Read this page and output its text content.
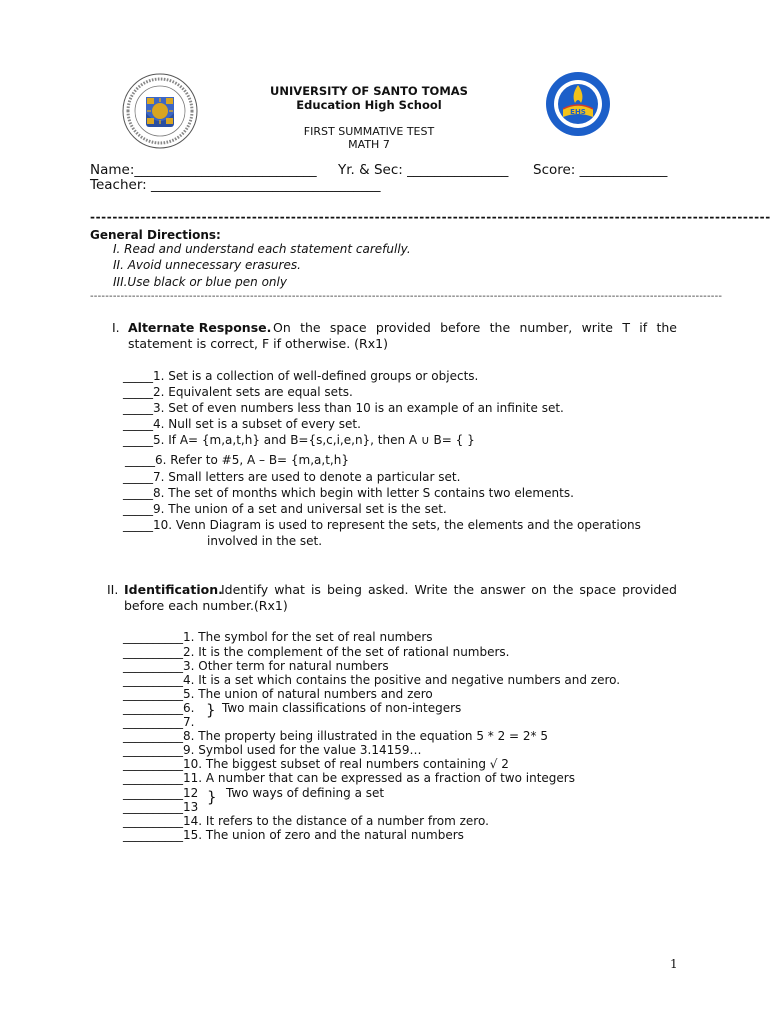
EHS
UNIVERSITY OF SANTO TOMAS
Education High School
FIRST SUMMATIVE TEST
MATH 7
Name:___________________________ Yr. & Sec: _______________ Score: _____________
Teacher: __________________________________
--------------------------------------------------------------------------------------------------------------------------
General Directions:
I. Read and understand each statement carefully.
II. Avoid unnecessary erasures.
III.Use black or blue pen only
----------------------------------------------------------------------------------------------------------------------------------------------------------------------
I. Alternate Response. On the space provided before the number, write T if the
statement is correct, F if otherwise. (Rx1)
_____1. Set is a collection of well-defined groups or objects.
_____2. Equivalent sets are equal sets.
_____3. Set of even numbers less than 10 is an example of an infinite set.
_____4. Null set is a subset of every set.
_____5. If A= {m,a,t,h} and B={s,c,i,e,n}, then A ∪ B= { }
_____6. Refer to #5, A – B= {m,a,t,h}
_____7. Small letters are used to denote a particular set.
_____8. The set of months which begin with letter S contains two elements.
_____9. The union of a set and universal set is the set.
_____10. Venn Diagram is used to represent the sets, the elements and the operations
involved in the set.
II. Identification.
Identify what is being asked. Write the answer on the space provided
before each number.(Rx1)
__________1. The symbol for the set of real numbers
__________2. It is the complement of the set of rational numbers.
__________3. Other term for natural numbers
__________4. It is a set which contains the positive and negative numbers and zero.
__________5. The union of natural numbers and zero
__________6.
__________7.
} Two main classifications of non-integers
__________8. The property being illustrated in the equation 5 * 2 = 2* 5
__________9. Symbol used for the value 3.14159…
__________10. The biggest subset of real numbers containing √ 2
__________11. A number that can be expressed as a fraction of two integers
__________12
__________13
} Two ways of defining a set
__________14. It refers to the distance of a number from zero.
__________15. The union of zero and the natural numbers
1
